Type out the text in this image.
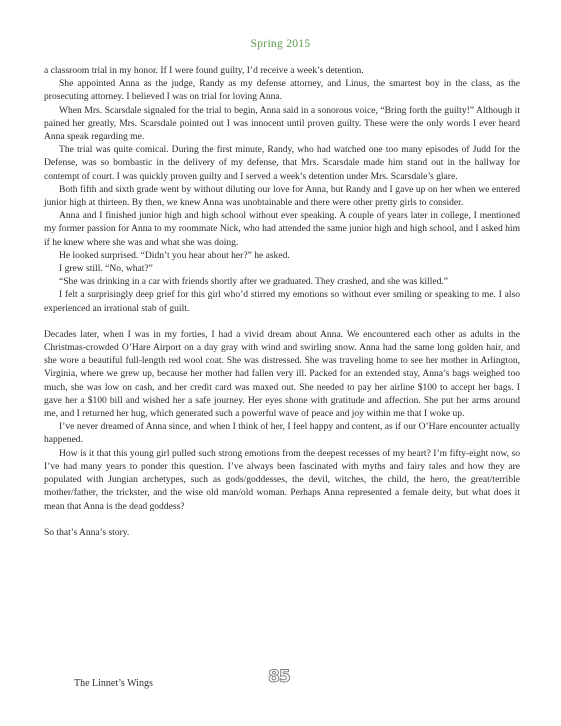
Spring 2015

a classroom trial in my honor. If I were found guilty, I’d receive a week’s detention.

She appointed Anna as the judge, Randy as my defense attorney, and Linus, the smartest boy in the class, as the prosecuting attorney. I believed I was on trial for loving Anna.

When Mrs. Scarsdale signaled for the trial to begin, Anna said in a sonorous voice, “Bring forth the guilty!” Although it pained her greatly, Mrs. Scarsdale pointed out I was innocent until proven guilty. These were the only words I ever heard Anna speak regarding me.

The trial was quite comical. During the first minute, Randy, who had watched one too many episodes of Judd for the Defense, was so bombastic in the delivery of my defense, that Mrs. Scarsdale made him stand out in the hallway for contempt of court. I was quickly proven guilty and I served a week’s detention under Mrs. Scarsdale’s glare.

Both fifth and sixth grade went by without diluting our love for Anna, but Randy and I gave up on her when we entered junior high at thirteen. By then, we knew Anna was unobtainable and there were other pretty girls to consider.

Anna and I finished junior high and high school without ever speaking. A couple of years later in college, I mentioned my former passion for Anna to my roommate Nick, who had attended the same junior high and high school, and I asked him if he knew where she was and what she was doing.

He looked surprised. “Didn’t you hear about her?” he asked.

I grew still. “No, what?”

“She was drinking in a car with friends shortly after we graduated. They crashed, and she was killed.”

I felt a surprisingly deep grief for this girl who’d stirred my emotions so without ever smiling or speaking to me. I also experienced an irrational stab of guilt.

Decades later, when I was in my forties, I had a vivid dream about Anna. We encountered each other as adults in the Christmas-crowded O’Hare Airport on a day gray with wind and swirling snow. Anna had the same long golden hair, and she wore a beautiful full-length red wool coat. She was distressed. She was traveling home to see her mother in Arlington, Virginia, where we grew up, because her mother had fallen very ill. Packed for an extended stay, Anna’s bags weighed too much, she was low on cash, and her credit card was maxed out. She needed to pay her airline $100 to accept her bags. I gave her a $100 bill and wished her a safe journey. Her eyes shone with gratitude and affection. She put her arms around me, and I returned her hug, which generated such a powerful wave of peace and joy within me that I woke up.

I’ve never dreamed of Anna since, and when I think of her, I feel happy and content, as if our O’Hare encounter actually happened.

How is it that this young girl pulled such strong emotions from the deepest recesses of my heart? I’m fifty-eight now, so I’ve had many years to ponder this question. I’ve always been fascinated with myths and fairy tales and how they are populated with Jungian archetypes, such as gods/goddesses, the devil, witches, the child, the hero, the great/terrible mother/father, the trickster, and the wise old man/old woman. Perhaps Anna represented a female deity, but what does it mean that Anna is the dead goddess?

So that’s Anna’s story.

The Linnet’s Wings	85
